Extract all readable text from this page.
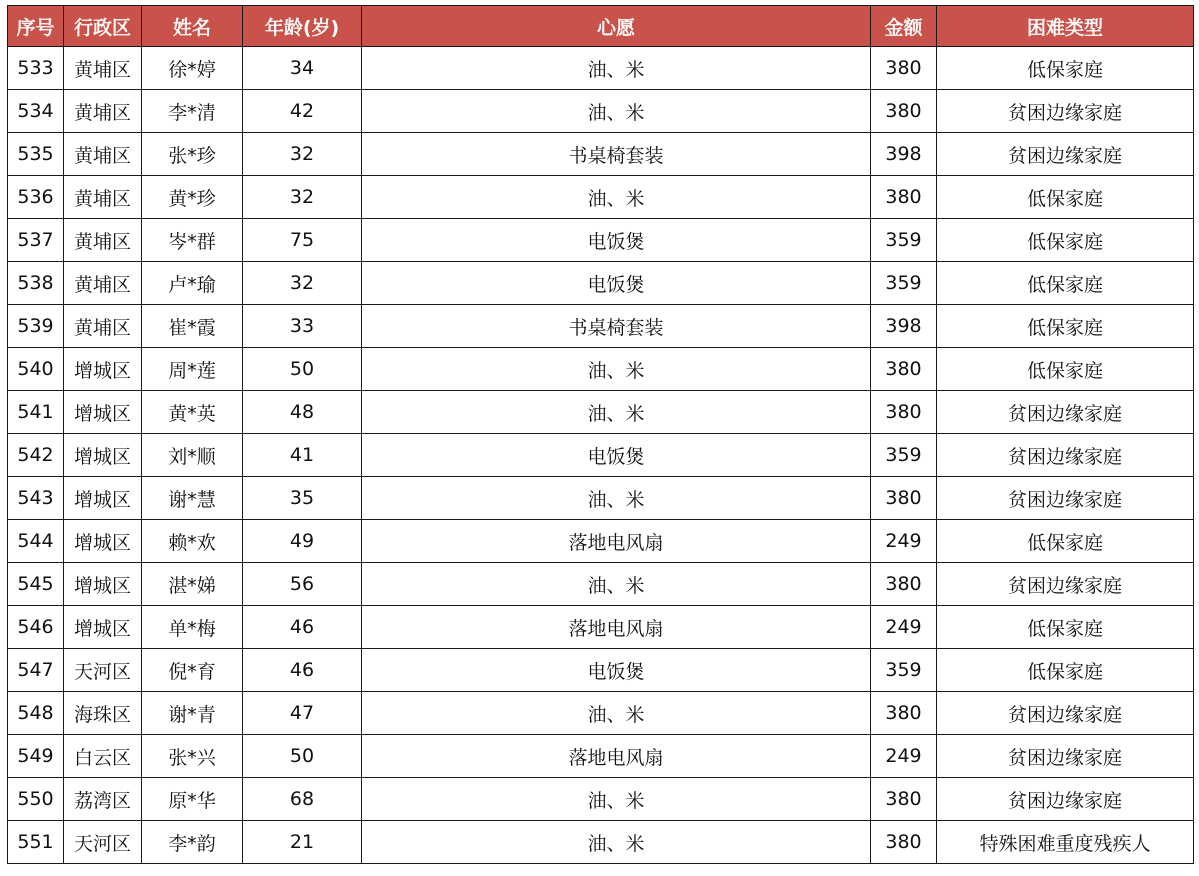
序号	行政区	姓名	年龄(岁)	心愿	金额	困难类型
533	黄埔区	徐*婷	34	油、米	380	低保家庭
534	黄埔区	李*清	42	油、米	380	贫困边缘家庭
535	黄埔区	张*珍	32	书桌椅套装	398	贫困边缘家庭
536	黄埔区	黄*珍	32	油、米	380	低保家庭
537	黄埔区	岑*群	75	电饭煲	359	低保家庭
538	黄埔区	卢*瑜	32	电饭煲	359	低保家庭
539	黄埔区	崔*霞	33	书桌椅套装	398	低保家庭
540	增城区	周*莲	50	油、米	380	低保家庭
541	增城区	黄*英	48	油、米	380	贫困边缘家庭
542	增城区	刘*顺	41	电饭煲	359	贫困边缘家庭
543	增城区	谢*慧	35	油、米	380	贫困边缘家庭
544	增城区	赖*欢	49	落地电风扇	249	低保家庭
545	增城区	湛*娣	56	油、米	380	贫困边缘家庭
546	增城区	单*梅	46	落地电风扇	249	低保家庭
547	天河区	倪*育	46	电饭煲	359	低保家庭
548	海珠区	谢*青	47	油、米	380	贫困边缘家庭
549	白云区	张*兴	50	落地电风扇	249	贫困边缘家庭
550	荔湾区	原*华	68	油、米	380	贫困边缘家庭
551	天河区	李*韵	21	油、米	380	特殊困难重度残疾人
